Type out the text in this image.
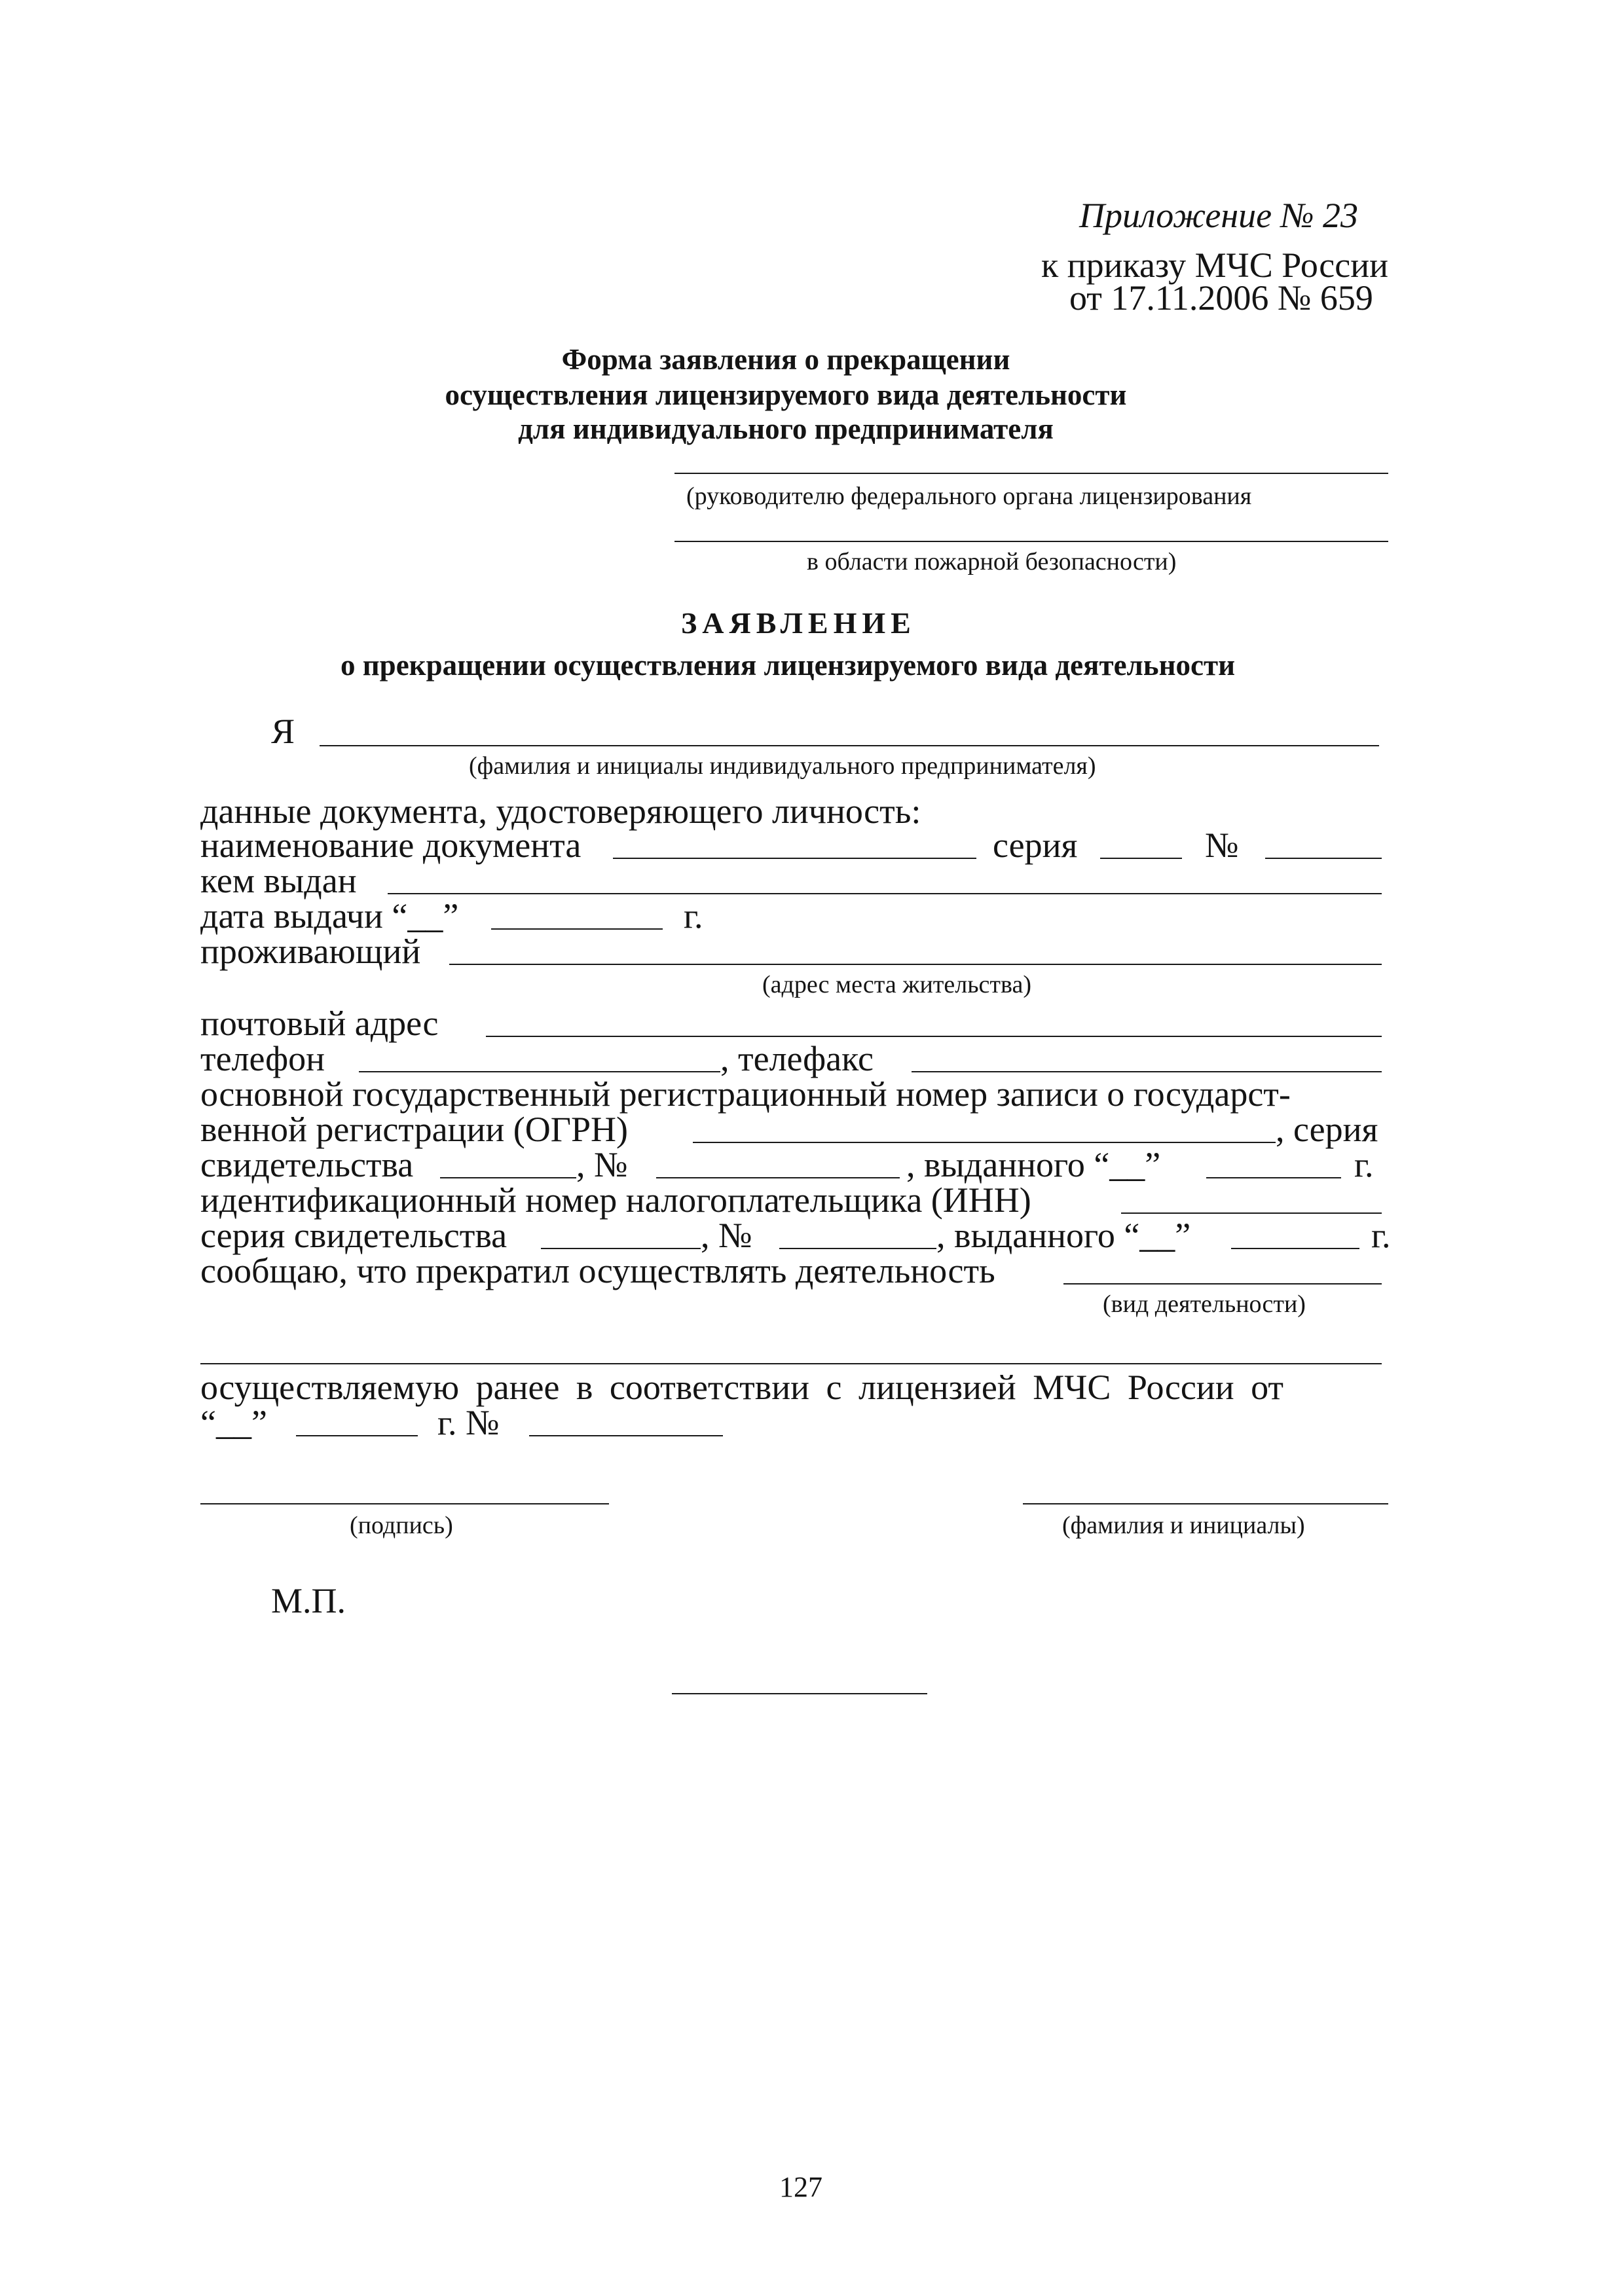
Приложение № 23
к приказу МЧС России
от 17.11.2006 № 659
Форма заявления о прекращении
осуществления лицензируемого вида деятельности
для индивидуального предпринимателя
(руководителю федерального органа лицензирования
в области пожарной безопасности)
ЗАЯВЛЕНИЕ
о прекращении осуществления лицензируемого вида деятельности
Я
(фамилия и инициалы индивидуального предпринимателя)
данные документа, удостоверяющего личность:
наименование документа	серия	№
кем выдан
дата выдачи “__”	г.
проживающий
(адрес места жительства)
почтовый адрес
телефон	, телефакс
основной государственный регистрационный номер записи о государст-
венной регистрации (ОГРН)	, серия
свидетельства	, №	, выданного “__”	г.
идентификационный номер налогоплательщика (ИНН)
серия свидетельства	, №	, выданного “__”	г.
сообщаю, что прекратил осуществлять деятельность
(вид деятельности)
осуществляемую ранее в соответствии с лицензией МЧС России от
“__”	г. №
(подпись)	(фамилия и инициалы)
М.П.
127
